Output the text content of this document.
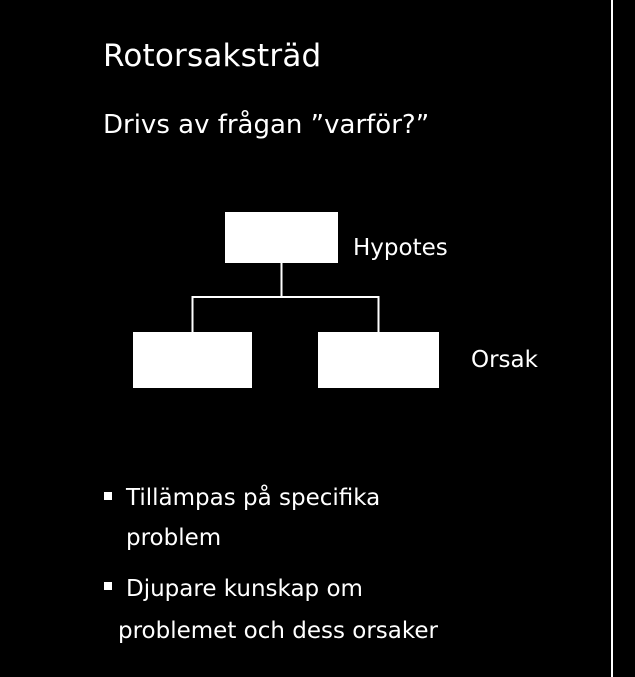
Rotorsaksträd
Drivs av frågan ”varför?”
Hypotes
Orsak
Tillämpas på specifika
problem
Djupare kunskap om
problemet och dess orsaker
